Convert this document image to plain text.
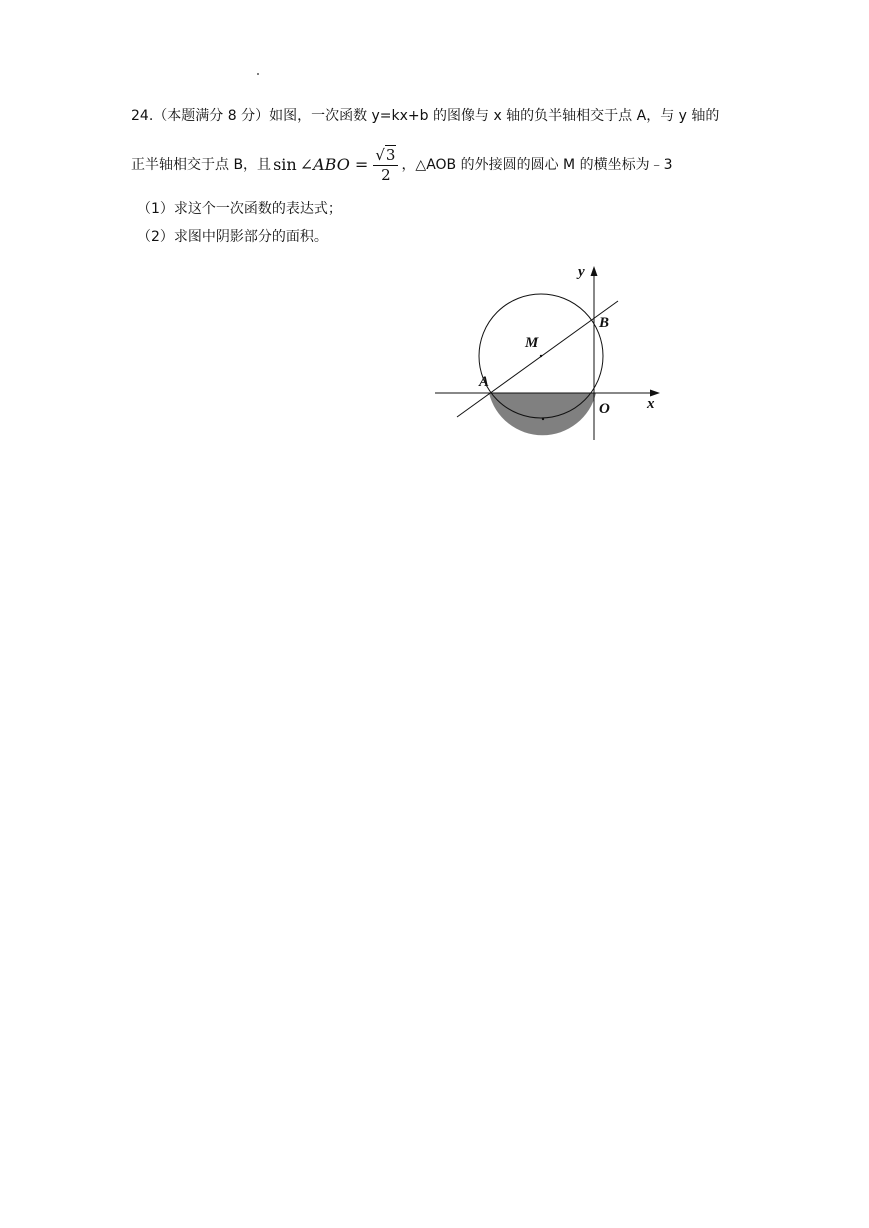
24.（本题满分 8 分）如图，一次函数 y=kx+b 的图像与 x 轴的负半轴相交于点 A，与 y 轴的
正半轴相交于点 B，且 sin ∠ABO = $\frac{√3}{2}$ ，△AOB 的外接圆的圆心 M 的横坐标为﹣3
（1）求这个一次函数的表达式；
（2）求图中阴影部分的面积。
y
B
M
A
O x
